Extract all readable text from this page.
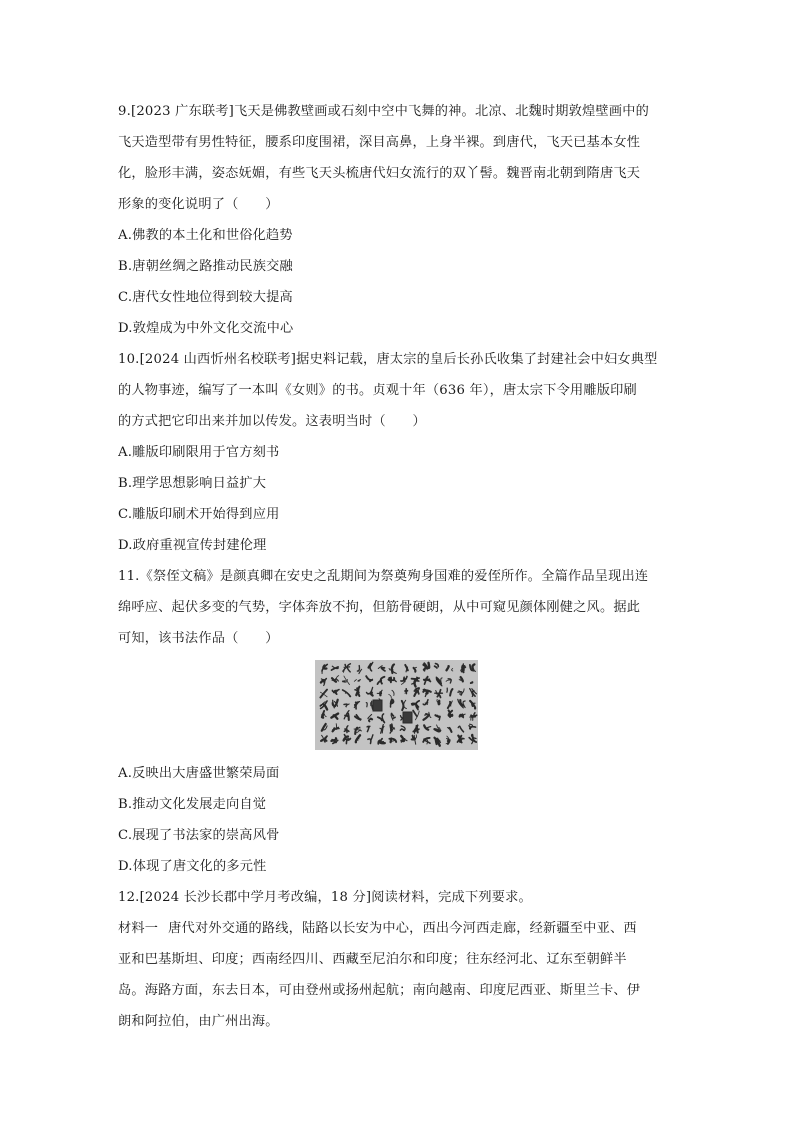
9.[2023 广东联考]飞天是佛教壁画或石刻中空中飞舞的神。北凉、北魏时期敦煌壁画中的
飞天造型带有男性特征，腰系印度围裙，深目高鼻，上身半裸。到唐代，飞天已基本女性
化，脸形丰满，姿态妩媚，有些飞天头梳唐代妇女流行的双丫髻。魏晋南北朝到隋唐飞天
形象的变化说明了（　　）
A.佛教的本土化和世俗化趋势
B.唐朝丝绸之路推动民族交融
C.唐代女性地位得到较大提高
D.敦煌成为中外文化交流中心
10.[2024 山西忻州名校联考]据史料记载，唐太宗的皇后长孙氏收集了封建社会中妇女典型
的人物事迹，编写了一本叫《女则》的书。贞观十年（636 年），唐太宗下令用雕版印刷
的方式把它印出来并加以传发。这表明当时（　　）
A.雕版印刷限用于官方刻书
B.理学思想影响日益扩大
C.雕版印刷术开始得到应用
D.政府重视宣传封建伦理
11.《祭侄文稿》是颜真卿在安史之乱期间为祭奠殉身国难的爱侄所作。全篇作品呈现出连
绵呼应、起伏多变的气势，字体奔放不拘，但筋骨硬朗，从中可窥见颜体刚健之风。据此
可知，该书法作品（　　）
A.反映出大唐盛世繁荣局面
B.推动文化发展走向自觉
C.展现了书法家的崇高风骨
D.体现了唐文化的多元性
12.[2024 长沙长郡中学月考改编，18 分]阅读材料，完成下列要求。
材料一 唐代对外交通的路线，陆路以长安为中心，西出今河西走廊，经新疆至中亚、西
亚和巴基斯坦、印度；西南经四川、西藏至尼泊尔和印度；往东经河北、辽东至朝鲜半
岛。海路方面，东去日本，可由登州或扬州起航；南向越南、印度尼西亚、斯里兰卡、伊
朗和阿拉伯，由广州出海。
